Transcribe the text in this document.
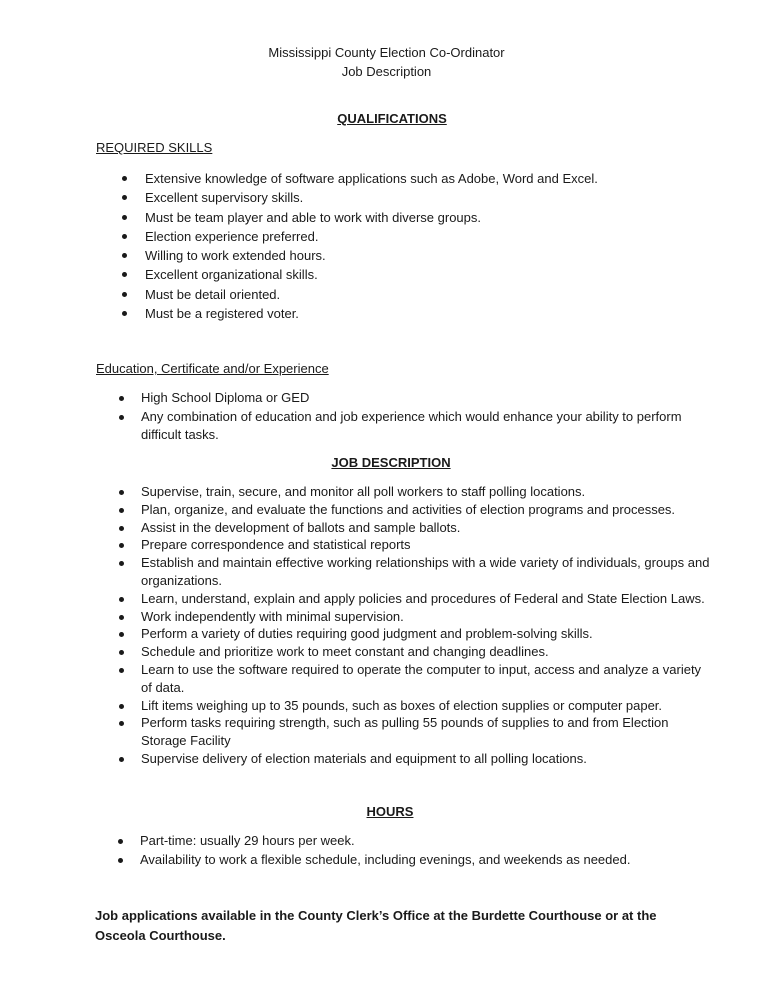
Mississippi County Election Co-Ordinator
Job Description
QUALIFICATIONS
REQUIRED SKILLS
Extensive knowledge of software applications such as Adobe, Word and Excel.
Excellent supervisory skills.
Must be team player and able to work with diverse groups.
Election experience preferred.
Willing to work extended hours.
Excellent organizational skills.
Must be detail oriented.
Must be a registered voter.
Education, Certificate and/or Experience
High School Diploma or GED
Any combination of education and job experience which would enhance your ability to perform difficult tasks.
JOB DESCRIPTION
Supervise, train, secure, and monitor all poll workers to staff polling locations.
Plan, organize, and evaluate the functions and activities of election programs and processes.
Assist in the development of ballots and sample ballots.
Prepare correspondence and statistical reports
Establish and maintain effective working relationships with a wide variety of individuals, groups and organizations.
Learn, understand, explain and apply policies and procedures of Federal and State Election Laws.
Work independently with minimal supervision.
Perform a variety of duties requiring good judgment and problem-solving skills.
Schedule and prioritize work to meet constant and changing deadlines.
Learn to use the software required to operate the computer to input, access and analyze a variety of data.
Lift items weighing up to 35 pounds, such as boxes of election supplies or computer paper.
Perform tasks requiring strength, such as pulling 55 pounds of supplies to and from Election Storage Facility
Supervise delivery of election materials and equipment to all polling locations.
HOURS
Part-time: usually 29 hours per week.
Availability to work a flexible schedule, including evenings, and weekends as needed.
Job applications available in the County Clerk’s Office at the Burdette Courthouse or at the Osceola Courthouse.
